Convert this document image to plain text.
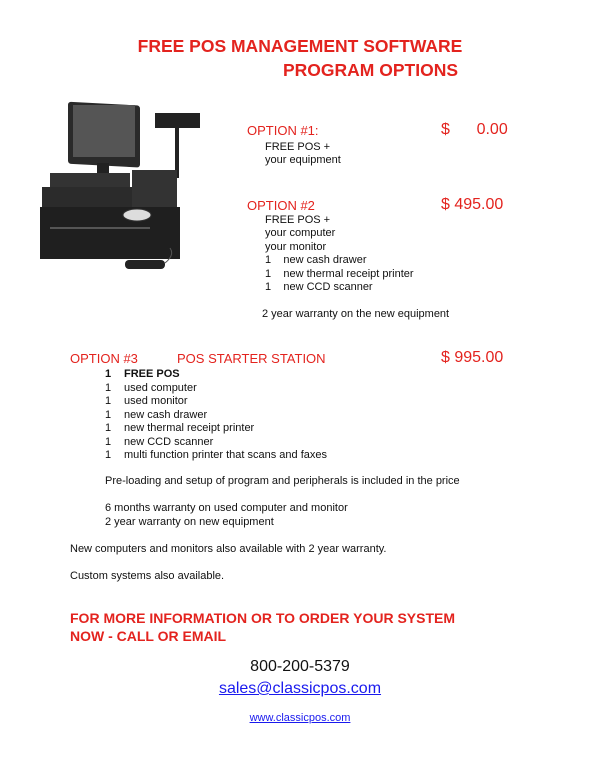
FREE POS MANAGEMENT SOFTWARE
PROGRAM OPTIONS
OPTION #1:	$      0.00
FREE POS +
your equipment
OPTION #2	$ 495.00
FREE POS +
your computer
your monitor
1    new cash drawer
1    new thermal receipt printer
1    new CCD scanner
2 year warranty on the new equipment
OPTION #3	POS STARTER STATION	$ 995.00
1 FREE POS
1 used computer
1 used monitor
1 new cash drawer
1 new thermal receipt printer
1 new CCD scanner
1 multi function printer that scans and faxes
Pre-loading and setup of program and peripherals is included in the price
6 months warranty on used computer and monitor
2 year warranty on new equipment
New computers and monitors also available with 2 year warranty.
Custom systems also available.
FOR MORE INFORMATION OR TO ORDER YOUR SYSTEM
NOW - CALL OR EMAIL
800-200-5379
sales@classicpos.com
www.classicpos.com
